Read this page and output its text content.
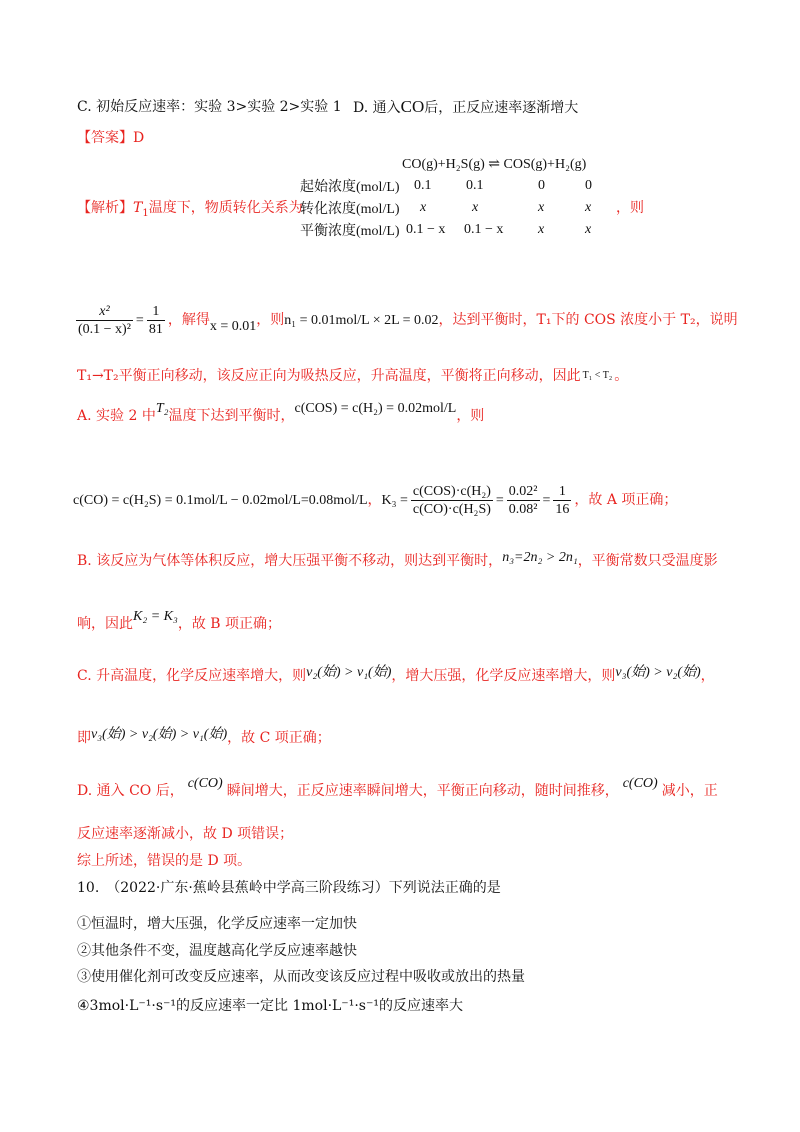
C. 初始反应速率：实验 3>实验 2>实验 1 D. 通入CO后，正反应速率逐渐增大
【答案】D
【解析】$T_1$温度下，物质转化关系为
CO(g)+H₂S(g) ⇌ COS(g)+H₂(g)
起始浓度(mol/L) 0.1 0.1	0	0
转化浓度(mol/L) x	x	x	x
平衡浓度(mol/L) 0.1 − x 0.1 − x x	x
，则
$\frac{\text{x²}}{\text{(0.1 − x)²}} = \frac{1}{81}$ ，解得x = 0.01，则n₁ = 0.01mol/L × 2L = 0.02，达到平衡时，T₁下的 COS 浓度小于 T₂，说明
T₁→T₂平衡正向移动，该反应正向为吸热反应，升高温度，平衡将正向移动，因此 T₁ < T₂ 。
A. 实验 2 中T₂温度下达到平衡时，c(COS) = c(H₂) = 0.02mol/L，则
c(CO) = c(H₂S) = 0.1mol/L − 0.02mol/L=0.08mol/L，$K_3 = \frac{\text{c(COS)·c(H₂)}}{\text{c(CO)·c(H₂S)}} = \frac{\text{0.02²}}{\text{0.08²}} = \frac{1}{16}$ ，故 A 项正确；
B. 该反应为气体等体积反应，增大压强平衡不移动，则达到平衡时，n₃=2n₂ > 2n₁，平衡常数只受温度影
响，因此K₂ = K₃，故 B 项正确；
C. 升高温度，化学反应速率增大，则v₂(始) > v₁(始)，增大压强，化学反应速率增大，则v₃(始) > v₂(始)，
即v₃(始) > v₂(始) > v₁(始)，故 C 项正确；
D. 通入 CO 后， c(CO) 瞬间增大，正反应速率瞬间增大，平衡正向移动，随时间推移， c(CO) 减小，正
反应速率逐渐减小，故 D 项错误；
综上所述，错误的是 D 项。
10.　（2022·广东·蕉岭县蕉岭中学高三阶段练习）下列说法正确的是
①恒温时，增大压强，化学反应速率一定加快
②其他条件不变，温度越高化学反应速率越快
③使用催化剂可改变反应速率，从而改变该反应过程中吸收或放出的热量
④3mol·L⁻¹·s⁻¹的反应速率一定比 1mol·L⁻¹·s⁻¹的反应速率大
